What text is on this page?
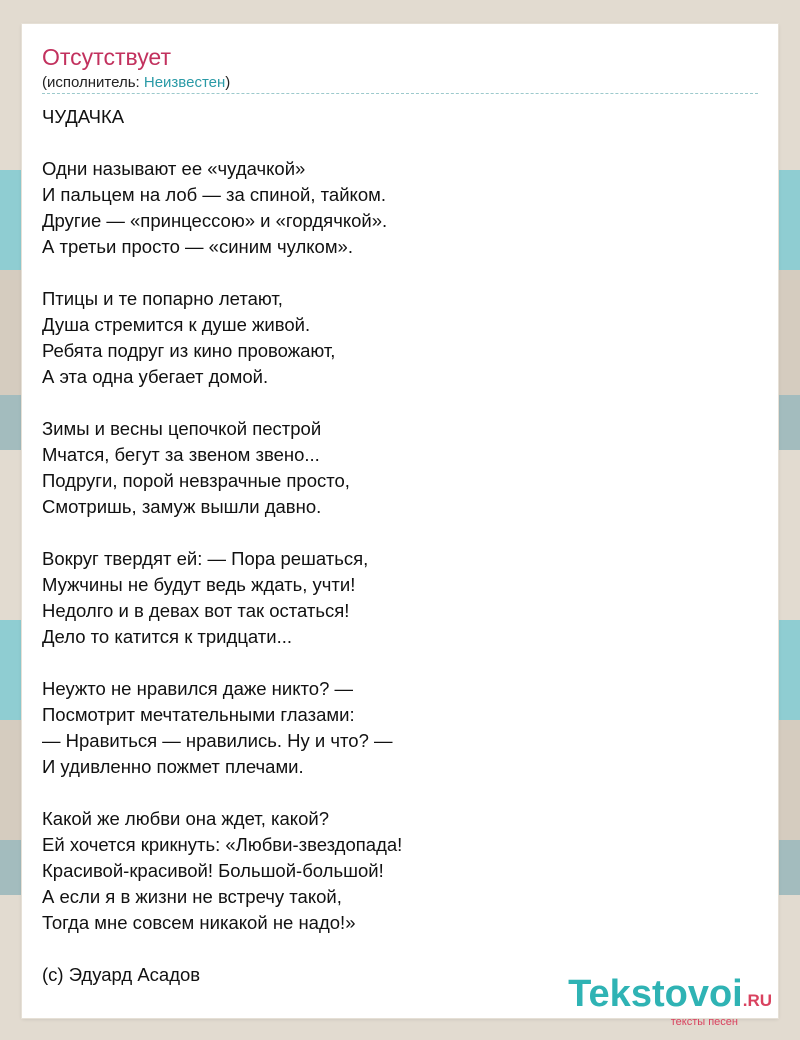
Отсутствует
(исполнитель: Неизвестен)
ЧУДАЧКА
Одни называют ее «чудачкой»
И пальцем на лоб — за спиной, тайком.
Другие — «принцессою» и «гордячкой».
А третьи просто — «синим чулком».
Птицы и те попарно летают,
Душа стремится к душе живой.
Ребята подруг из кино провожают,
А эта одна убегает домой.
Зимы и весны цепочкой пестрой
Мчатся, бегут за звеном звено...
Подруги, порой невзрачные просто,
Смотришь, замуж вышли давно.
Вокруг твердят ей: — Пора решаться,
Мужчины не будут ведь ждать, учти!
Недолго и в девах вот так остаться!
Дело то катится к тридцати...
Неужто не нравился даже никто? —
Посмотрит мечтательными глазами:
— Нравиться — нравились. Ну и что? —
И удивленно пожмет плечами.
Какой же любви она ждет, какой?
Ей хочется крикнуть: «Любви-звездопада!
Красивой-красивой! Большой-большой!
А если я в жизни не встречу такой,
Тогда мне совсем никакой не надо!»
(с) Эдуард Асадов	Tekstovoi.RU
тексты песен
